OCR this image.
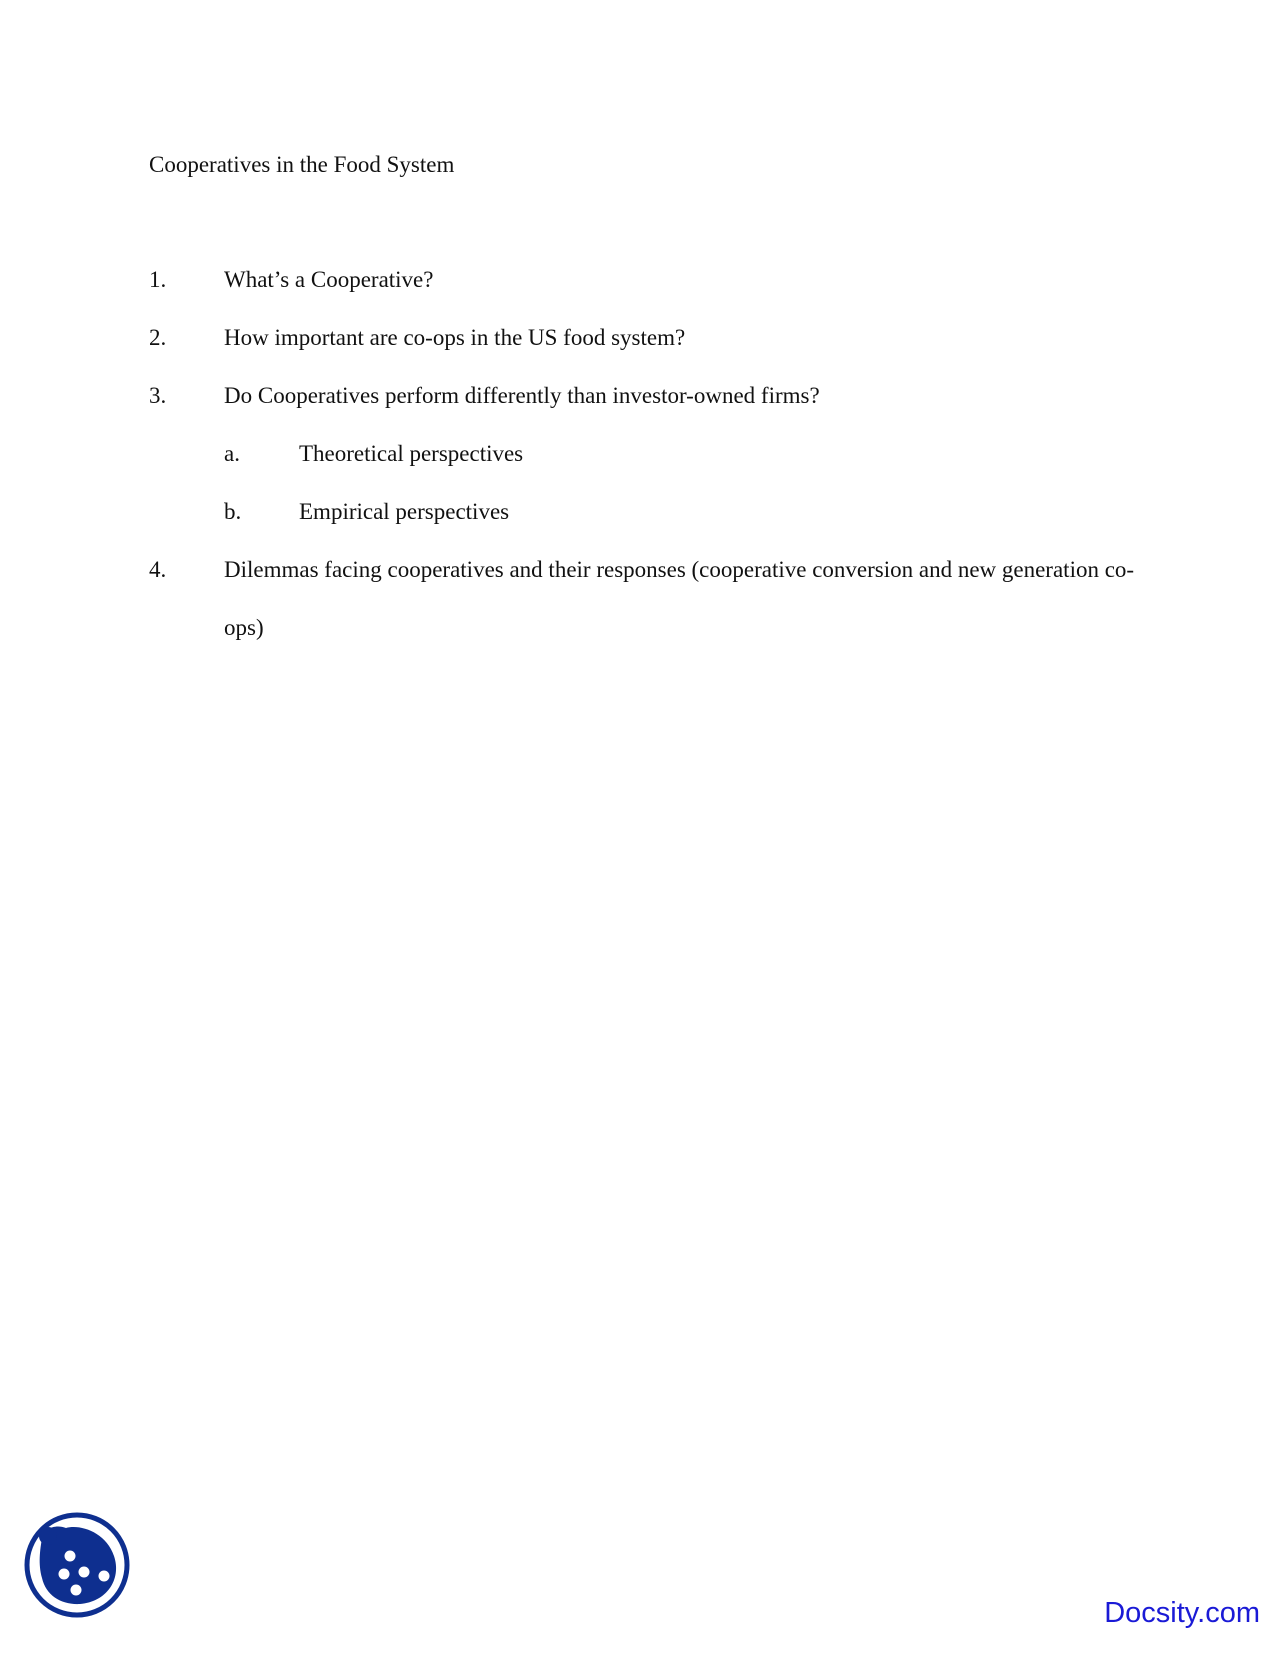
Cooperatives in the Food System
1.	What’s a Cooperative?
2.	How important are co-ops in the US food system?
3.	Do Cooperatives perform differently than investor-owned firms?
a.	Theoretical perspectives
b.	Empirical perspectives
4.	Dilemmas facing cooperatives and their responses (cooperative conversion and new generation co-ops)
Docsity.com
